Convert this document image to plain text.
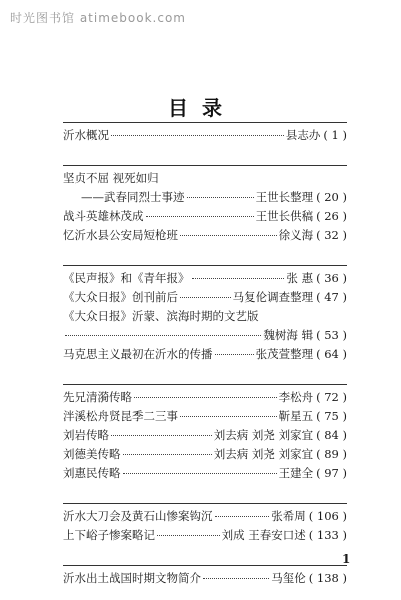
时光图书馆 atimebook.com
目录
沂水概况	县志办 ( 1 )
坚贞不屈 视死如归
——武春同烈士事迹	王世长整理 ( 20 )
战斗英雄林茂成	王世长供稿 ( 26 )
忆沂水县公安局短枪班	徐义海 ( 32 )
《民声报》和《青年报》	张 惠 ( 36 )
《大众日报》创刊前后	马复伦调查整理 ( 47 )
《大众日报》沂蒙、滨海时期的文艺版
魏树海 辑 ( 53 )
马克思主义最初在沂水的传播	张茂萱整理 ( 64 )
先兄清漪传略	李松舟 ( 72 )
泮溪松舟贤昆季二三事	靳星五 ( 75 )
刘岩传略	刘去病 刘尧 刘家宜 ( 84 )
刘德美传略	刘去病 刘尧 刘家宜 ( 89 )
刘惠民传略	王建全 ( 97 )
沂水大刀会及黄石山惨案钩沉	张希周 ( 106 )
上下峪子惨案略记	刘成 王春安口述 ( 133 )
沂水出土战国时期文物简介	马玺伦 ( 138 )
1
